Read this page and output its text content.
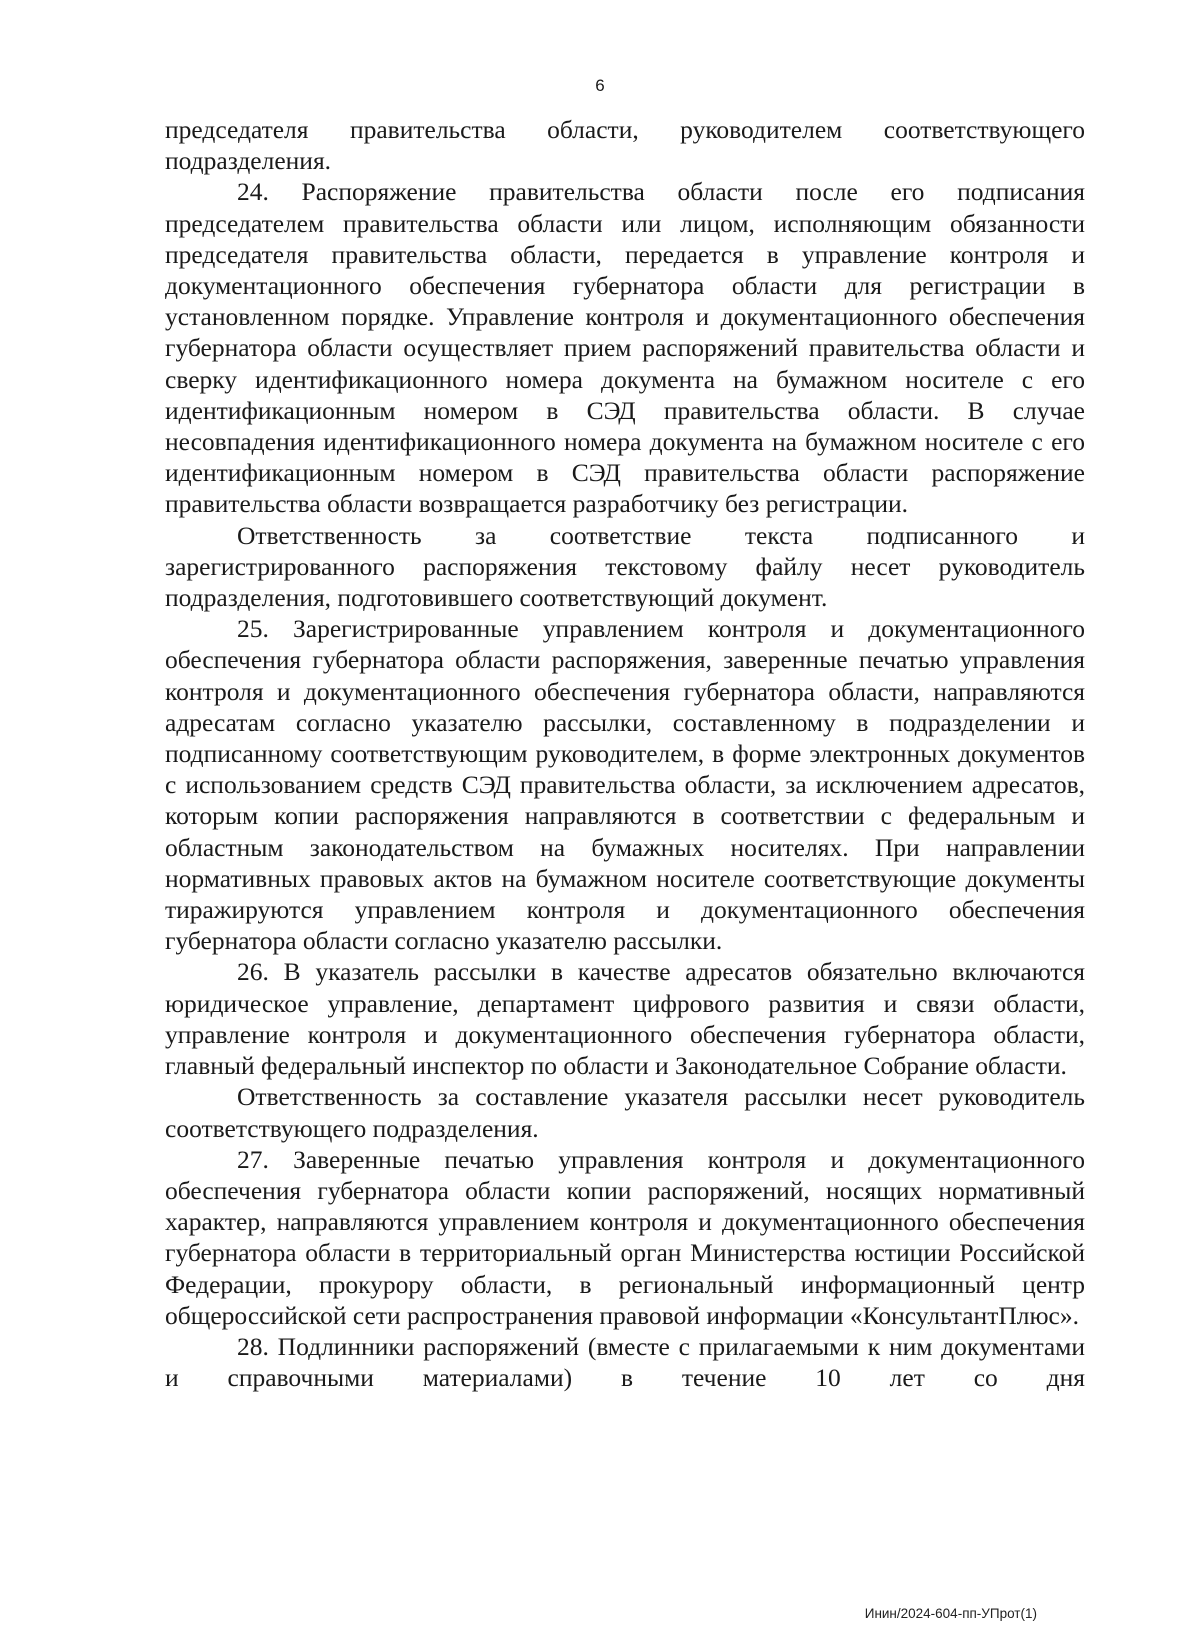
6

председателя правительства области, руководителем соответствующего подразделения.

24. Распоряжение правительства области после его подписания председателем правительства области или лицом, исполняющим обязанности председателя правительства области, передается в управление контроля и документационного обеспечения губернатора области для регистрации в установленном порядке. Управление контроля и документационного обеспечения губернатора области осуществляет прием распоряжений правительства области и сверку идентификационного номера документа на бумажном носителе с его идентификационным номером в СЭД правительства области. В случае несовпадения идентификационного номера документа на бумажном носителе с его идентификационным номером в СЭД правительства области распоряжение правительства области возвращается разработчику без регистрации.

Ответственность за соответствие текста подписанного и зарегистрированного распоряжения текстовому файлу несет руководитель подразделения, подготовившего соответствующий документ.

25. Зарегистрированные управлением контроля и документационного обеспечения губернатора области распоряжения, заверенные печатью управления контроля и документационного обеспечения губернатора области, направляются адресатам согласно указателю рассылки, составленному в подразделении и подписанному соответствующим руководителем, в форме электронных документов с использованием средств СЭД правительства области, за исключением адресатов, которым копии распоряжения направляются в соответствии с федеральным и областным законодательством на бумажных носителях. При направлении нормативных правовых актов на бумажном носителе соответствующие документы тиражируются управлением контроля и документационного обеспечения губернатора области согласно указателю рассылки.

26. В указатель рассылки в качестве адресатов обязательно включаются юридическое управление, департамент цифрового развития и связи области, управление контроля и документационного обеспечения губернатора области, главный федеральный инспектор по области и Законодательное Собрание области.

Ответственность за составление указателя рассылки несет руководитель соответствующего подразделения.

27. Заверенные печатью управления контроля и документационного обеспечения губернатора области копии распоряжений, носящих нормативный характер, направляются управлением контроля и документационного обеспечения губернатора области в территориальный орган Министерства юстиции Российской Федерации, прокурору области, в региональный информационный центр общероссийской сети распространения правовой информации «КонсультантПлюс».

28. Подлинники распоряжений (вместе с прилагаемыми к ним документами и справочными материалами) в течение 10 лет со дня

Инин/2024-604-пп-УПрот(1)
